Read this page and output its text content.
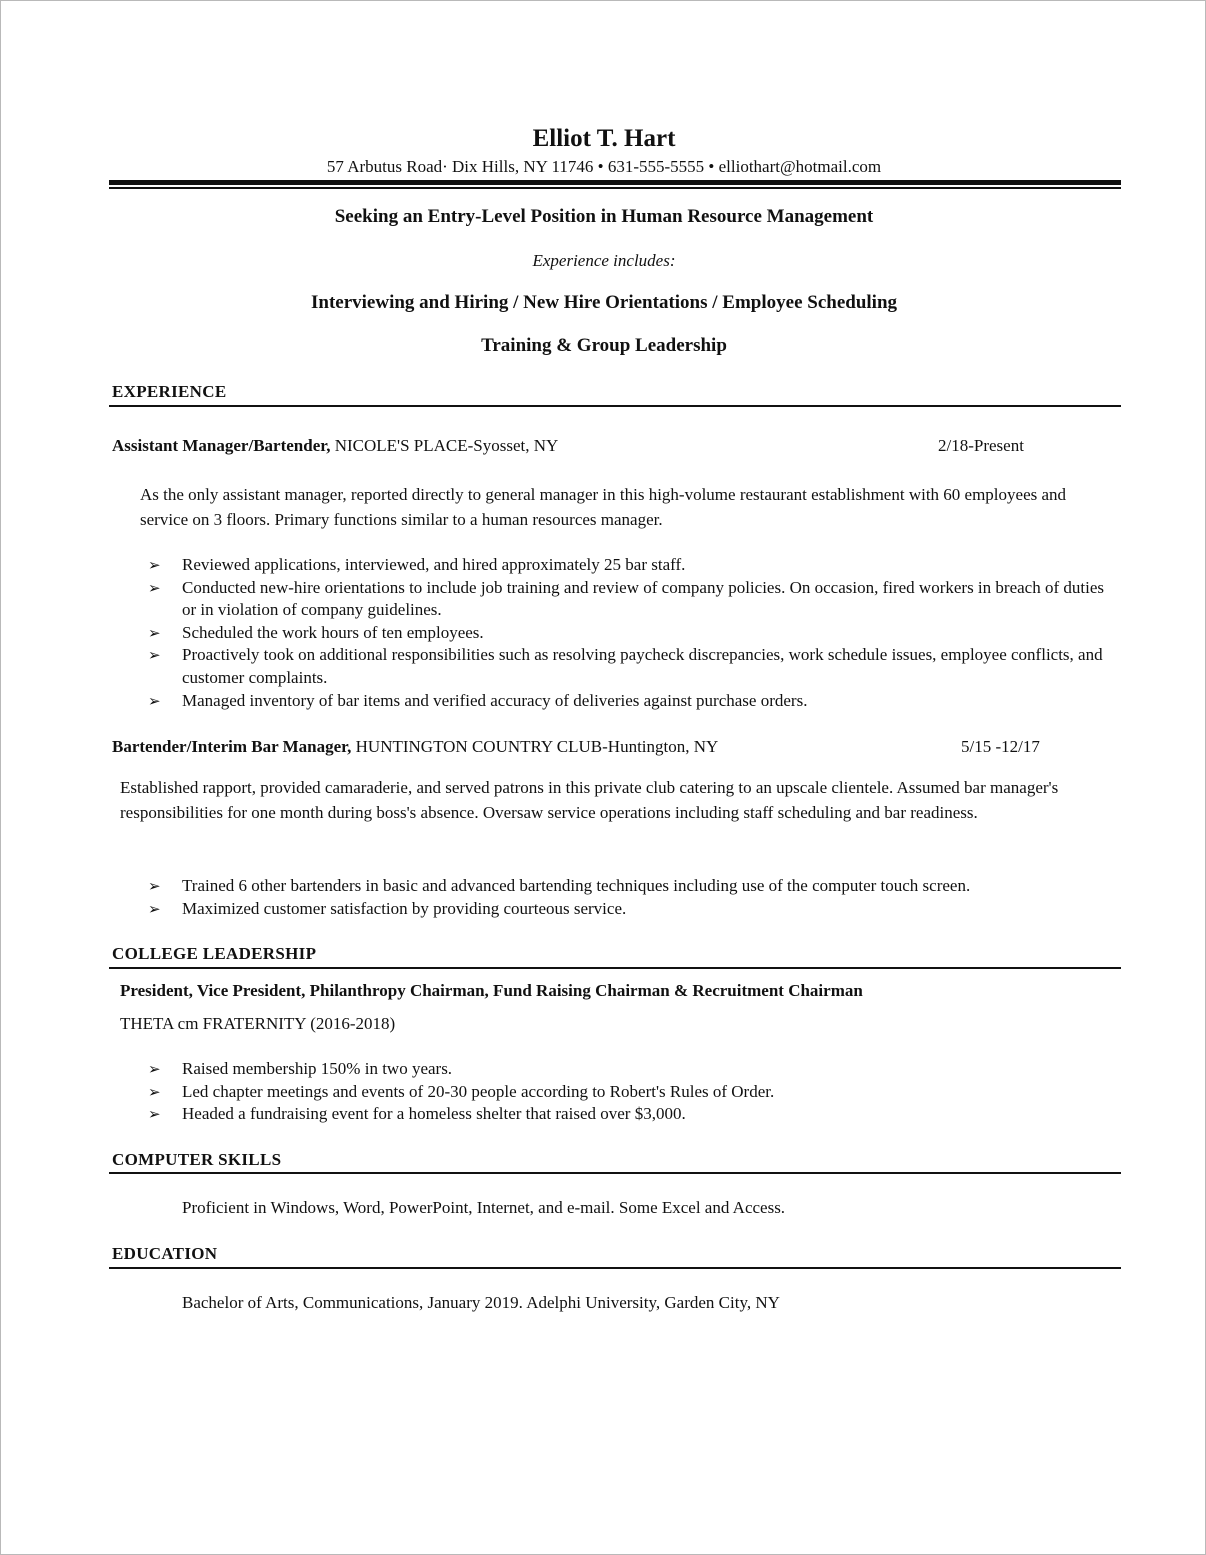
Elliot T. Hart

57 Arbutus Road· Dix Hills, NY 11746 • 631-555-5555 • elliothart@hotmail.com

Seeking an Entry-Level Position in Human Resource Management

Experience includes:

Interviewing and Hiring / New Hire Orientations / Employee Scheduling

Training & Group Leadership

EXPERIENCE

Assistant Manager/Bartender, NICOLE'S PLACE-Syosset, NY	2/18-Present

As the only assistant manager, reported directly to general manager in this high-volume restaurant establishment with 60 employees and service on 3 floors. Primary functions similar to a human resources manager.

➢ Reviewed applications, interviewed, and hired approximately 25 bar staff.
➢ Conducted new-hire orientations to include job training and review of company policies. On occasion, fired workers in breach of duties or in violation of company guidelines.
➢ Scheduled the work hours of ten employees.
➢ Proactively took on additional responsibilities such as resolving paycheck discrepancies, work schedule issues, employee conflicts, and customer complaints.
➢ Managed inventory of bar items and verified accuracy of deliveries against purchase orders.

Bartender/Interim Bar Manager, HUNTINGTON COUNTRY CLUB-Huntington, NY	5/15 -12/17

Established rapport, provided camaraderie, and served patrons in this private club catering to an upscale clientele. Assumed bar manager's responsibilities for one month during boss's absence. Oversaw service operations including staff scheduling and bar readiness.

➢ Trained 6 other bartenders in basic and advanced bartending techniques including use of the computer touch screen.
➢ Maximized customer satisfaction by providing courteous service.

COLLEGE LEADERSHIP

President, Vice President, Philanthropy Chairman, Fund Raising Chairman & Recruitment Chairman

THETA cm FRATERNITY (2016-2018)

➢ Raised membership 150% in two years.
➢ Led chapter meetings and events of 20-30 people according to Robert's Rules of Order.
➢ Headed a fundraising event for a homeless shelter that raised over $3,000.

COMPUTER SKILLS

Proficient in Windows, Word, PowerPoint, Internet, and e-mail. Some Excel and Access.

EDUCATION

Bachelor of Arts, Communications, January 2019. Adelphi University, Garden City, NY
